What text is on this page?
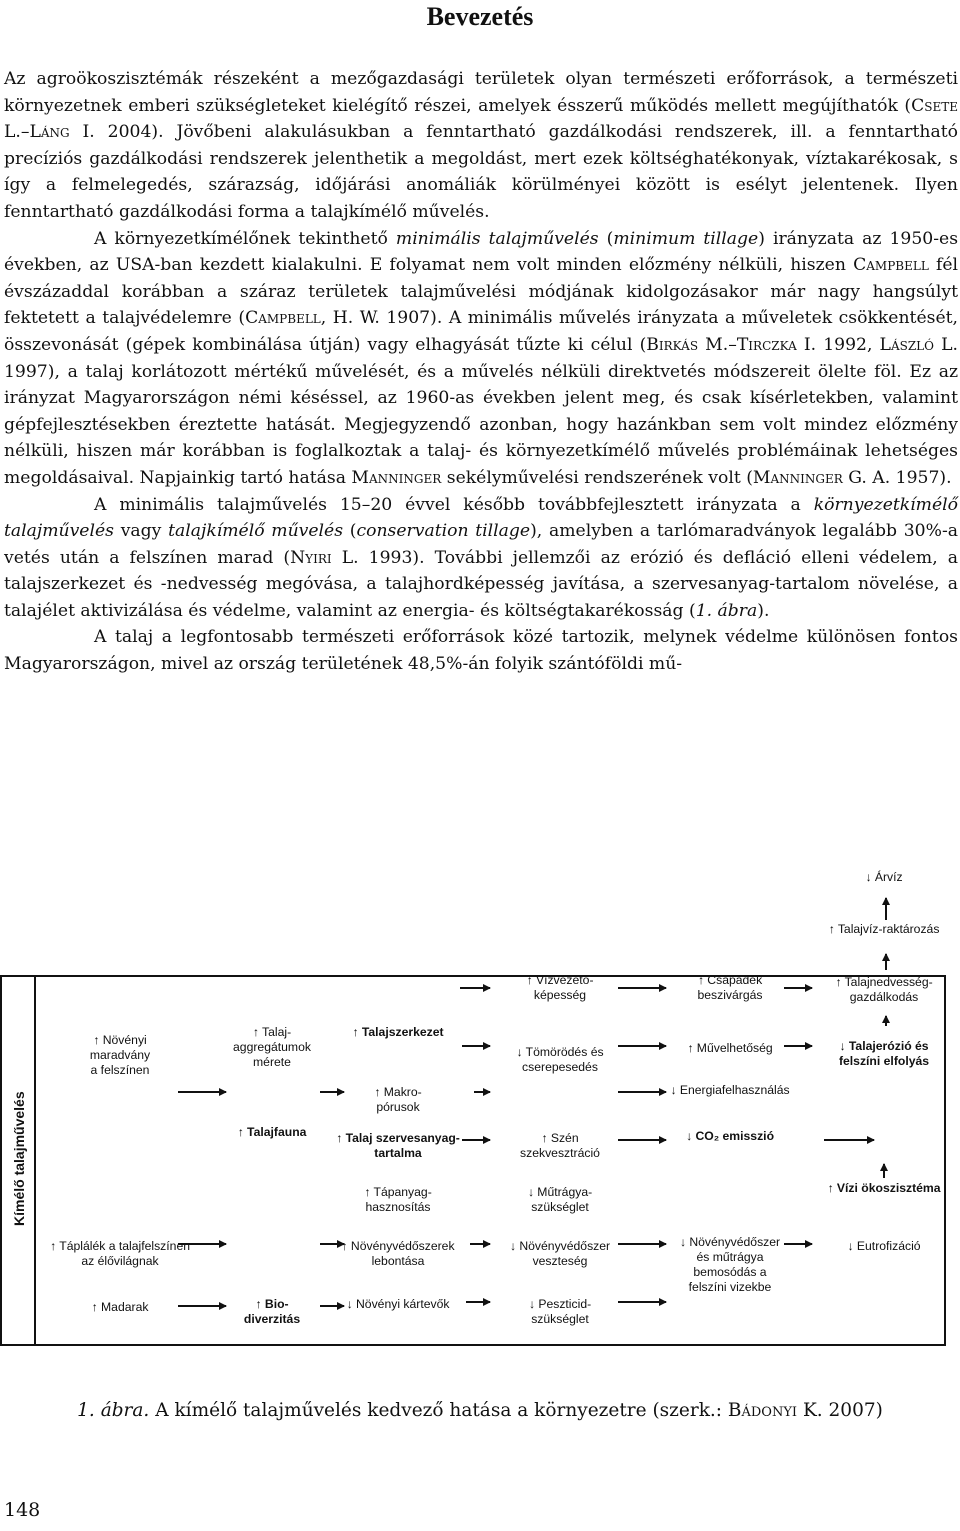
Bevezetés

Az agroökoszisztémák részeként a mezőgazdasági területek olyan természeti erőforrások, a természeti környezetnek emberi szükségleteket kielégítő részei, amelyek ésszerű működés mellett megújíthatók (Csete L.–Láng I. 2004). Jövőbeni alakulásukban a fenntartható gazdálkodási rendszerek, ill. a fenntartható precíziós gazdálkodási rendszerek jelenthetik a megoldást, mert ezek költséghatékonyak, víztakarékosak, s így a felmelegedés, szárazság, időjárási anomáliák körülményei között is esélyt jelentenek. Ilyen fenntartható gazdálkodási forma a talajkímélő művelés.

A környezetkímélőnek tekinthető minimális talajművelés (minimum tillage) irányzata az 1950-es években, az USA-ban kezdett kialakulni. E folyamat nem volt minden előzmény nélküli, hiszen Campbell fél évszázaddal korábban a száraz területek talajművelési módjának kidolgozásakor már nagy hangsúlyt fektetett a talajvédelemre (Campbell, H. W. 1907). A minimális művelés irányzata a műveletek csökkentését, összevonását (gépek kombinálása útján) vagy elhagyását tűzte ki célul (Birkás M.–Tirczka I. 1992, László L. 1997), a talaj korlátozott mértékű művelését, és a művelés nélküli direktvetés módszereit ölelte föl. Ez az irányzat Magyarországon némi késéssel, az 1960-as években jelent meg, és csak kísérletekben, valamint gépfejlesztésekben éreztette hatását. Megjegyzendő azonban, hogy hazánkban sem volt mindez előzmény nélküli, hiszen már korábban is foglalkoztak a talaj- és környezetkímélő művelés problémáinak lehetséges megoldásaival. Napjainkig tartó hatása Manninger sekélyművelési rendszerének volt (Manninger G. A. 1957).

A minimális talajművelés 15–20 évvel később továbbfejlesztett irányzata a környezetkímélő talajművelés vagy talajkímélő művelés (conservation tillage), amelyben a tarlómaradványok legalább 30%-a vetés után a felszínen marad (Nyiri L. 1993). További jellemzői az erózió és defláció elleni védelem, a talajszerkezet és -nedvesség megóvása, a talajhordképesség javítása, a szervesanyag-tartalom növelése, a talajélet aktivizálása és védelme, valamint az energia- és költségtakarékosság (1. ábra).

A talaj a legfontosabb természeti erőforrások közé tartozik, melynek védelme különösen fontos Magyarországon, mivel az ország területének 48,5%-án folyik szántóföldi mű-

Kímélő talajművelés
↑ Növényi maradvány a felszínen
↑ Táplálék a talajfelszínen az élővilágnak
↑ Madarak
↑ Talaj-aggregátumok mérete
↑ Talajfauna
↑ Bio-diverzitás
↑ Talajszerkezet
↑ Makro-pórusok
↑ Talaj szervesanyag-tartalma
↑ Tápanyag-hasznosítás
↑ Növényvédőszerek lebontása
↓ Növényi kártevők
↑ Vízvezető-képesség
↓ Tömörödés és cserepesedés
↑ Szén szekvesztráció
↓ Műtrágya-szükséglet
↓ Növényvédőszer veszteség
↓ Peszticid-szükséglet
↑ Csapadék beszivárgás
↑ Művelhetőség
↓ Energiafelhasználás
↓ CO₂ emisszió
↓ Növényvédőszer és műtrágya bemosódás a felszíni vizekbe
↓ Árvíz
↑ Talajvíz-raktározás
↑ Talajnedvesség-gazdálkodás
↓ Talajerózió és felszíni elfolyás
↑ Vízi ökoszisztéma
↓ Eutrofizáció
1. ábra. A kímélő talajművelés kedvező hatása a környezetre (szerk.: Bádonyi K. 2007)
148
